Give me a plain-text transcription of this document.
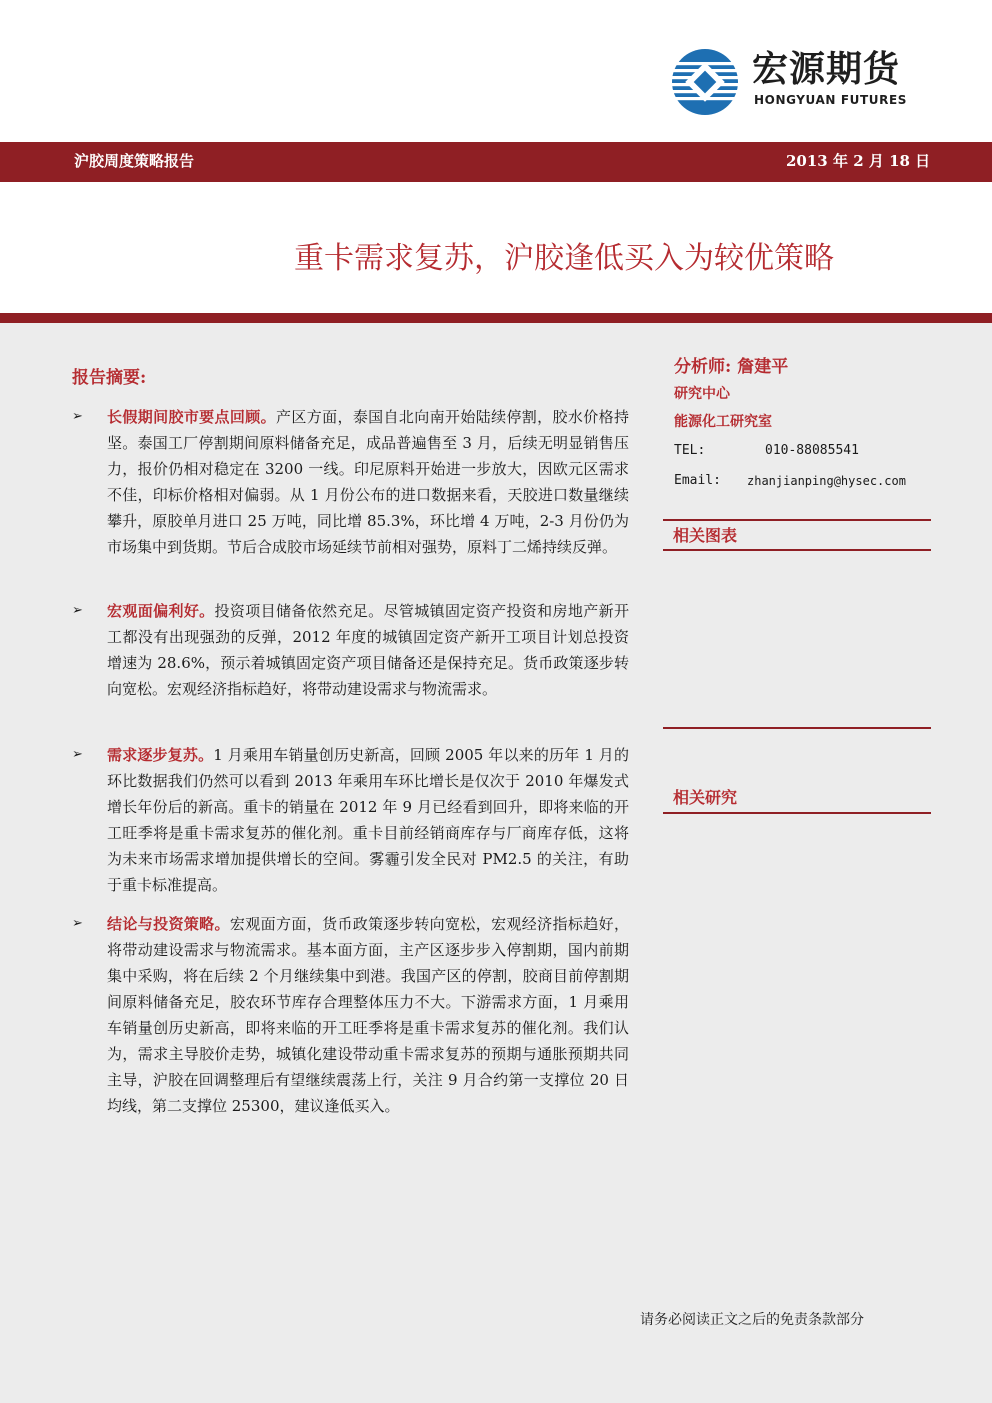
宏源期货
HONGYUAN FUTURES
沪胶周度策略报告	2013 年 2 月 18 日
重卡需求复苏，沪胶逢低买入为较优策略
报告摘要:
➢ 长假期间胶市要点回顾。产区方面，泰国自北向南开始陆续停割，胶水价格持坚。泰国工厂停割期间原料储备充足，成品普遍售至 3 月，后续无明显销售压力，报价仍相对稳定在 3200 一线。印尼原料开始进一步放大，因欧元区需求不佳，印标价格相对偏弱。从 1 月份公布的进口数据来看，天胶进口数量继续攀升，原胶单月进口 25 万吨，同比增 85.3%，环比增 4 万吨，2-3 月份仍为市场集中到货期。节后合成胶市场延续节前相对强势，原料丁二烯持续反弹。
➢ 宏观面偏利好。投资项目储备依然充足。尽管城镇固定资产投资和房地产新开工都没有出现强劲的反弹，2012 年度的城镇固定资产新开工项目计划总投资增速为 28.6%，预示着城镇固定资产项目储备还是保持充足。货币政策逐步转向宽松。宏观经济指标趋好，将带动建设需求与物流需求。
➢ 需求逐步复苏。1 月乘用车销量创历史新高，回顾 2005 年以来的历年 1 月的环比数据我们仍然可以看到 2013 年乘用车环比增长是仅次于 2010 年爆发式增长年份后的新高。重卡的销量在 2012 年 9 月已经看到回升，即将来临的开工旺季将是重卡需求复苏的催化剂。重卡目前经销商库存与厂商库存低，这将为未来市场需求增加提供增长的空间。雾霾引发全民对 PM2.5 的关注，有助于重卡标准提高。
➢ 结论与投资策略。宏观面方面，货币政策逐步转向宽松，宏观经济指标趋好，将带动建设需求与物流需求。基本面方面，主产区逐步步入停割期，国内前期集中采购，将在后续 2 个月继续集中到港。我国产区的停割，胶商目前停割期间原料储备充足，胶农环节库存合理整体压力不大。下游需求方面，1 月乘用车销量创历史新高，即将来临的开工旺季将是重卡需求复苏的催化剂。我们认为，需求主导胶价走势，城镇化建设带动重卡需求复苏的预期与通胀预期共同主导，沪胶在回调整理后有望继续震荡上行，关注 9 月合约第一支撑位 20 日均线，第二支撑位 25300，建议逢低买入。
分析师: 詹建平
研究中心
能源化工研究室
TEL:	010-88085541
Email: zhanjianping@hysec.com
相关图表
相关研究
请务必阅读正文之后的免责条款部分
